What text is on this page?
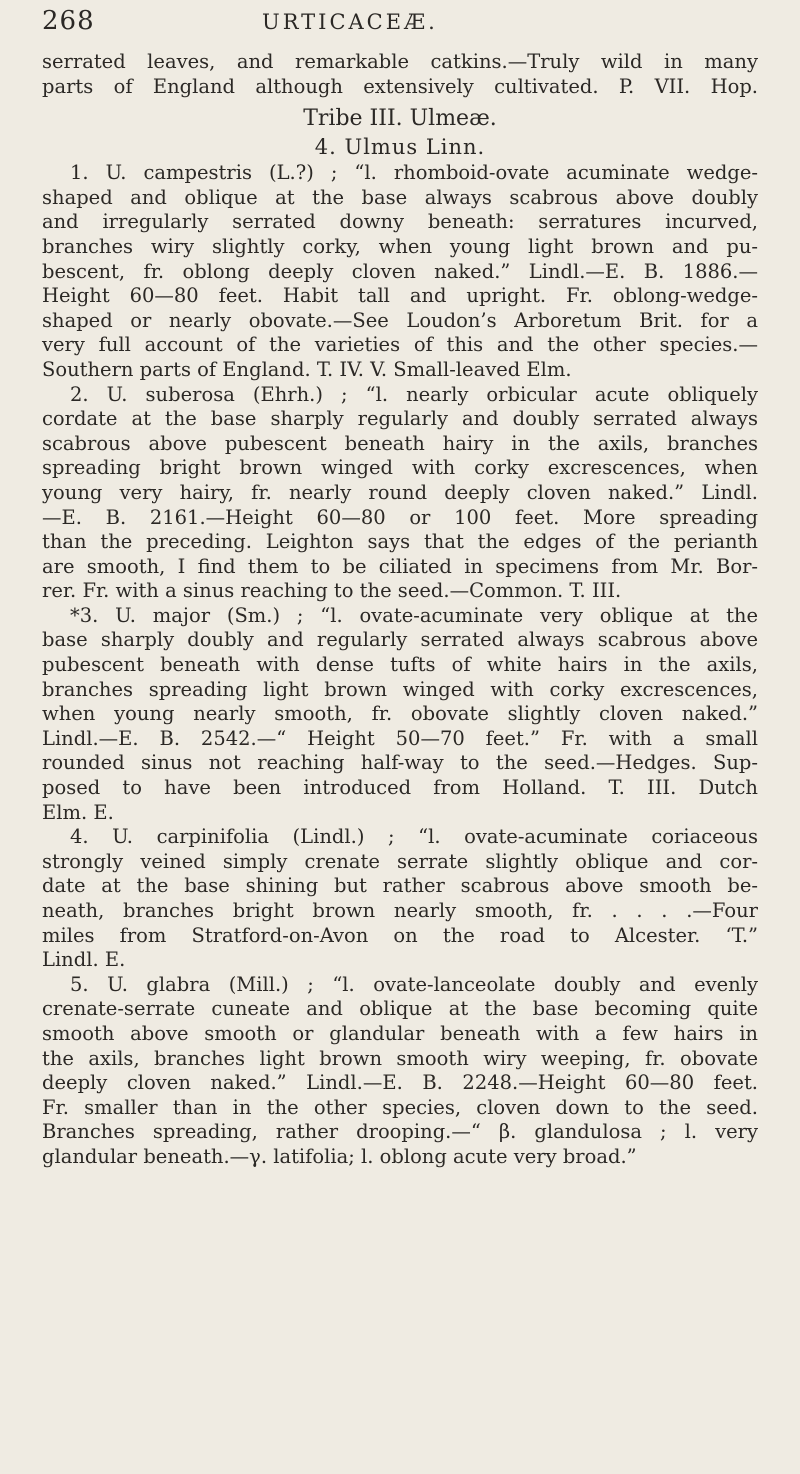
268	URTICACEÆ.
serrated leaves, and remarkable catkins.—Truly wild in many
parts of England although extensively cultivated. P. VII. Hop.
Tribe III. Ulmeæ.
4. Ulmus Linn.
1. U. campestris (L.?) ; “l. rhomboid-ovate acuminate wedge-
shaped and oblique at the base always scabrous above doubly
and irregularly serrated downy beneath: serratures incurved,
branches wiry slightly corky, when young light brown and pu-
bescent, fr. oblong deeply cloven naked.” Lindl.—E. B. 1886.—
Height 60—80 feet. Habit tall and upright. Fr. oblong-wedge-
shaped or nearly obovate.—See Loudon’s Arboretum Brit. for a
very full account of the varieties of this and the other species.—
Southern parts of England. T. IV. V. Small-leaved Elm.
2. U. suberosa (Ehrh.) ; “l. nearly orbicular acute obliquely
cordate at the base sharply regularly and doubly serrated always
scabrous above pubescent beneath hairy in the axils, branches
spreading bright brown winged with corky excrescences, when
young very hairy, fr. nearly round deeply cloven naked.” Lindl.
—E. B. 2161.—Height 60—80 or 100 feet. More spreading
than the preceding. Leighton says that the edges of the perianth
are smooth, I find them to be ciliated in specimens from Mr. Bor-
rer. Fr. with a sinus reaching to the seed.—Common. T. III.
*3. U. major (Sm.) ; “l. ovate-acuminate very oblique at the
base sharply doubly and regularly serrated always scabrous above
pubescent beneath with dense tufts of white hairs in the axils,
branches spreading light brown winged with corky excrescences,
when young nearly smooth, fr. obovate slightly cloven naked.”
Lindl.—E. B. 2542.—“ Height 50—70 feet.” Fr. with a small
rounded sinus not reaching half-way to the seed.—Hedges. Sup-
posed to have been introduced from Holland. T. III. Dutch
Elm. E.
4. U. carpinifolia (Lindl.) ; “l. ovate-acuminate coriaceous
strongly veined simply crenate serrate slightly oblique and cor-
date at the base shining but rather scabrous above smooth be-
neath, branches bright brown nearly smooth, fr. . . . .—Four
miles from Stratford-on-Avon on the road to Alcester. ‘T.”
Lindl. E.
5. U. glabra (Mill.) ; “l. ovate-lanceolate doubly and evenly
crenate-serrate cuneate and oblique at the base becoming quite
smooth above smooth or glandular beneath with a few hairs in
the axils, branches light brown smooth wiry weeping, fr. obovate
deeply cloven naked.” Lindl.—E. B. 2248.—Height 60—80 feet.
Fr. smaller than in the other species, cloven down to the seed.
Branches spreading, rather drooping.—“ β. glandulosa ; l. very
glandular beneath.—γ. latifolia; l. oblong acute very broad.”
